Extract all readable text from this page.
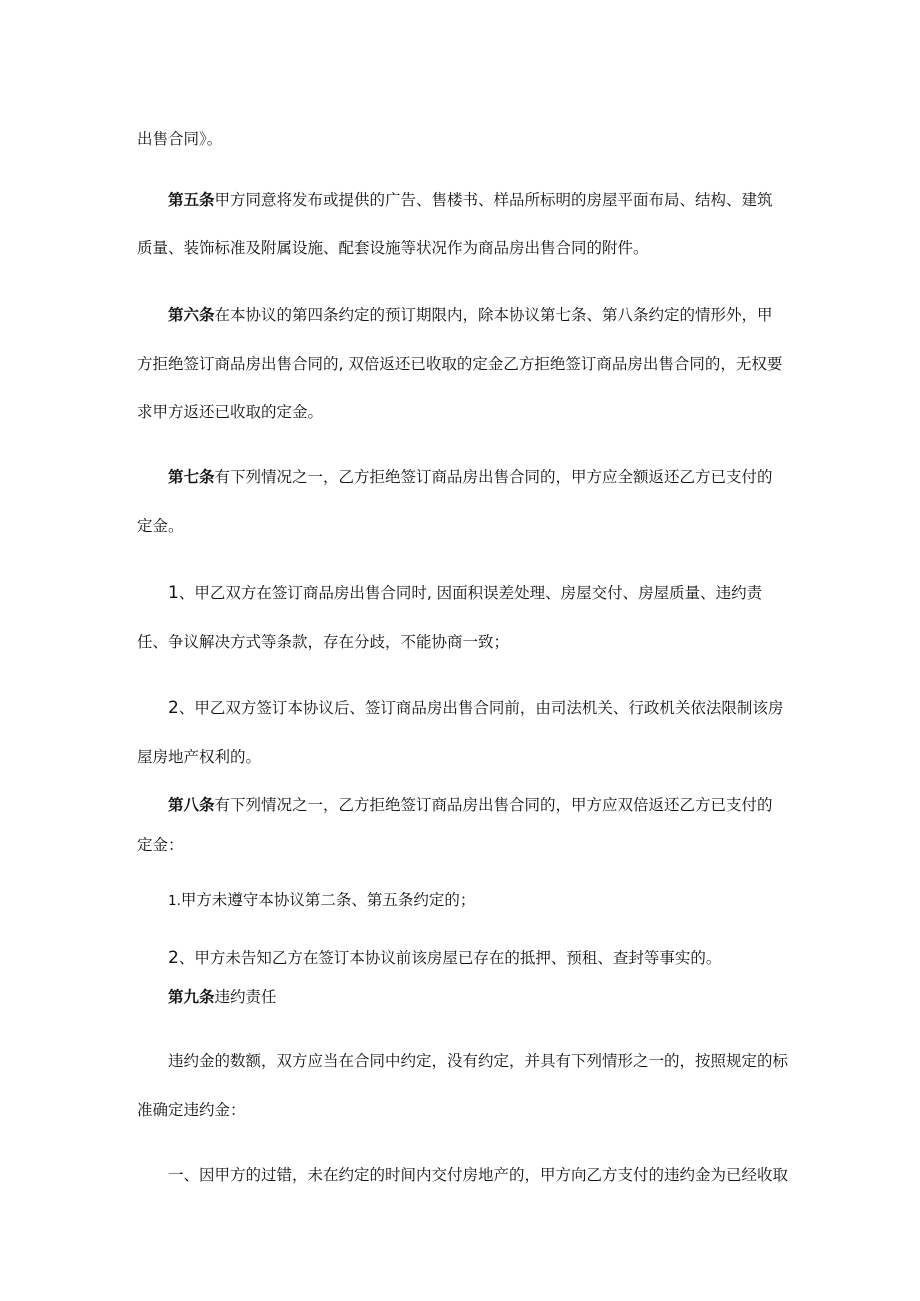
出售合同》。
第五条甲方同意将发布或提供的广告、售楼书、样品所标明的房屋平面布局、结构、建筑
质量、装饰标准及附属设施、配套设施等状况作为商品房出售合同的附件。
第六条在本协议的第四条约定的预订期限内，除本协议第七条、第八条约定的情形外，甲
方拒绝签订商品房出售合同的, 双倍返还已收取的定金乙方拒绝签订商品房出售合同的，无权要
求甲方返还已收取的定金。
第七条有下列情况之一，乙方拒绝签订商品房出售合同的，甲方应全额返还乙方已支付的
定金。
1、甲乙双方在签订商品房出售合同时, 因面积误差处理、房屋交付、房屋质量、违约责
任、争议解决方式等条款，存在分歧，不能协商一致；
2、甲乙双方签订本协议后、签订商品房出售合同前，由司法机关、行政机关依法限制该房
屋房地产权利的。
第八条有下列情况之一，乙方拒绝签订商品房出售合同的，甲方应双倍返还乙方已支付的
定金：
1.甲方未遵守本协议第二条、第五条约定的；
2、甲方未告知乙方在签订本协议前该房屋已存在的抵押、预租、查封等事实的。
第九条违约责任
违约金的数额，双方应当在合同中约定，没有约定，并具有下列情形之一的，按照规定的标
准确定违约金：
一、因甲方的过错，未在约定的时间内交付房地产的，甲方向乙方支付的违约金为已经收取
